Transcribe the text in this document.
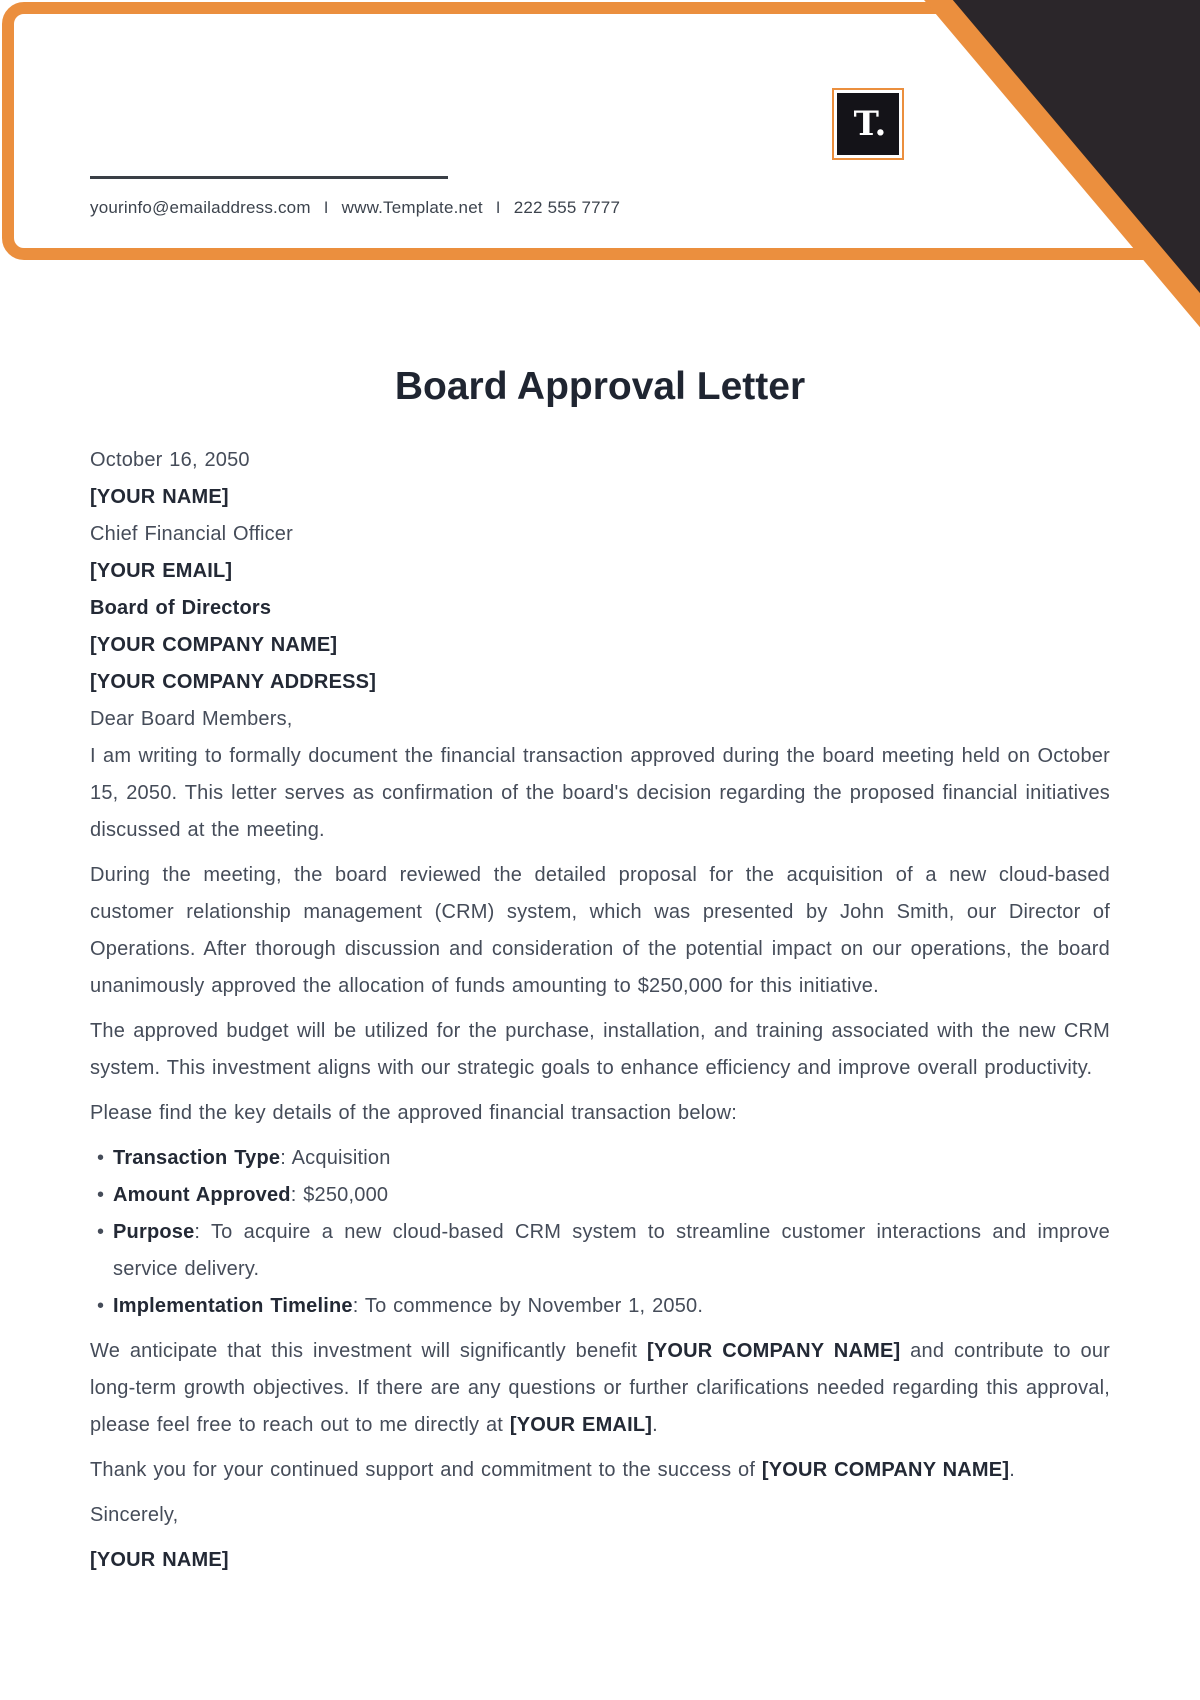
T.
yourinfo@emailaddress.com I www.Template.net I 222 555 7777
Board Approval Letter
October 16, 2050
[YOUR NAME]
Chief Financial Officer
[YOUR EMAIL]
Board of Directors
[YOUR COMPANY NAME]
[YOUR COMPANY ADDRESS]
Dear Board Members,

I am writing to formally document the financial transaction approved during the board meeting held on October 15, 2050. This letter serves as confirmation of the board's decision regarding the proposed financial initiatives discussed at the meeting.

During the meeting, the board reviewed the detailed proposal for the acquisition of a new cloud-based customer relationship management (CRM) system, which was presented by John Smith, our Director of Operations. After thorough discussion and consideration of the potential impact on our operations, the board unanimously approved the allocation of funds amounting to $250,000 for this initiative.

The approved budget will be utilized for the purchase, installation, and training associated with the new CRM system. This investment aligns with our strategic goals to enhance efficiency and improve overall productivity.

Please find the key details of the approved financial transaction below:

• Transaction Type: Acquisition
• Amount Approved: $250,000
• Purpose: To acquire a new cloud-based CRM system to streamline customer interactions and improve service delivery.
• Implementation Timeline: To commence by November 1, 2050.

We anticipate that this investment will significantly benefit [YOUR COMPANY NAME] and contribute to our long-term growth objectives. If there are any questions or further clarifications needed regarding this approval, please feel free to reach out to me directly at [YOUR EMAIL].

Thank you for your continued support and commitment to the success of [YOUR COMPANY NAME].

Sincerely,

[YOUR NAME]
